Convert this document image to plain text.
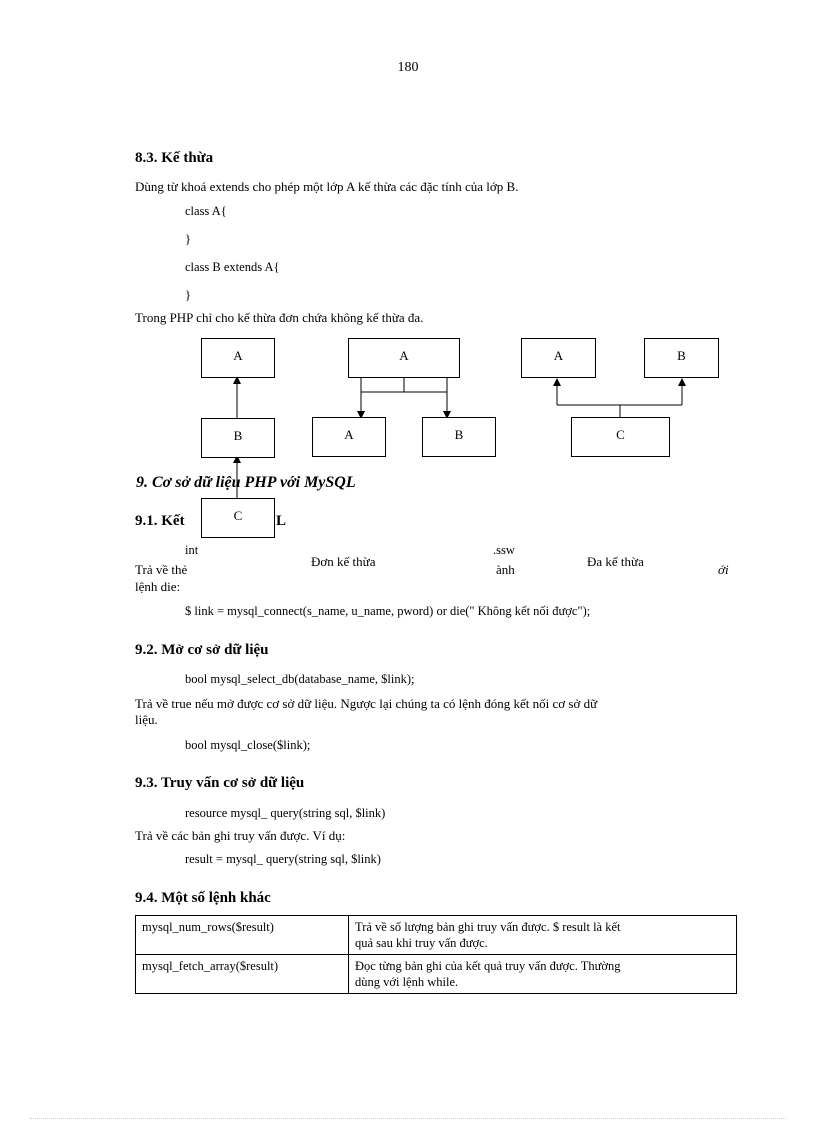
180
8.3. Kế thừa
Dùng từ khoá extends cho phép một lớp A kế thừa các đặc tính của lớp B.
class A{
}
class B extends A{
}
Trong PHP chỉ cho kế thừa đơn chứa không kế thừa đa.
9. Cơ sở dữ liệu PHP với MySQL
9.1. Kết	L
int	.ssw
Trả về thẻ	ành	ới
lệnh die:
$ link = mysql_connect(s_name, u_name, pword) or die(" Không kết nối được");
A
B
C
A
A	B
A	B
C
Đơn kế thừa	Đa kế thừa
9.2. Mở cơ sở dữ liệu
bool mysql_select_db(database_name, $link);
Trả về true nếu mở được cơ sở dữ liệu. Ngược lại chúng ta có lệnh đóng kết nối cơ sở dữ
liệu.
bool mysql_close($link);
9.3. Truy vấn cơ sở dữ liệu
resource mysql_ query(string sql, $link)
Trả về các bản ghi truy vấn được. Ví dụ:
result = mysql_ query(string sql, $link)
9.4. Một số lệnh khác
mysql_num_rows($result)	Trả về số lượng bản ghi truy vấn được. $ result là kết
quả sau khi truy vấn được.
mysql_fetch_array($result)	Đọc từng bản ghi của kết quả truy vấn được. Thường
dùng với lệnh while.
